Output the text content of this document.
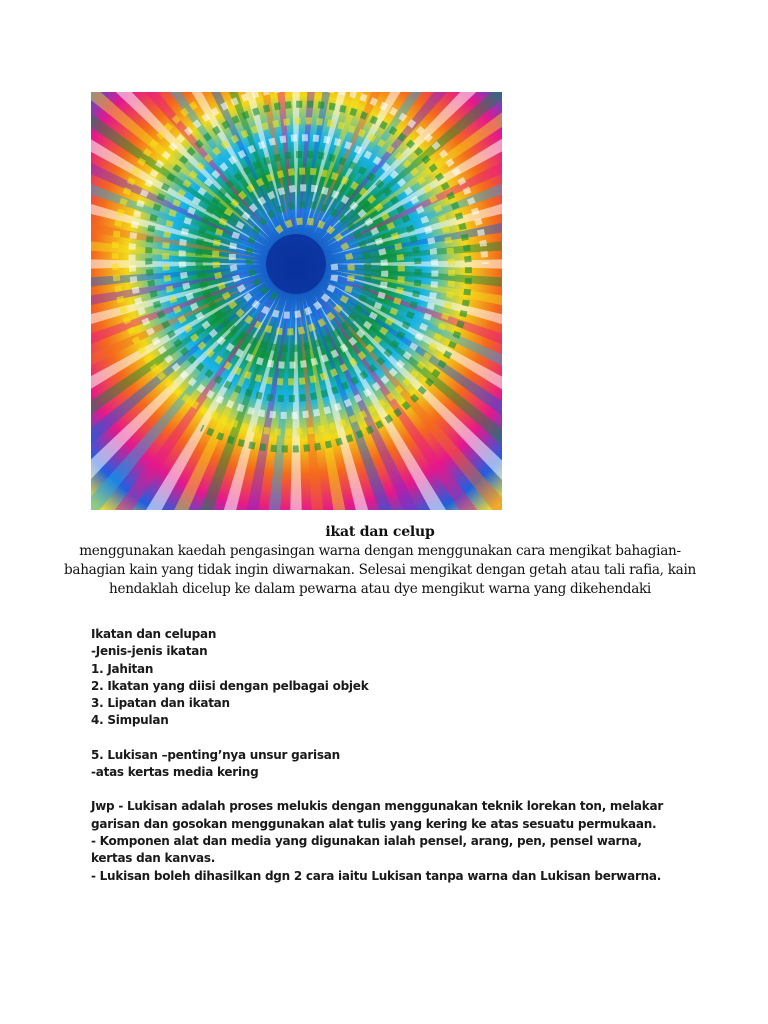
ikat dan celup

menggunakan kaedah pengasingan warna dengan menggunakan cara mengikat bahagian-bahagian kain yang tidak ingin diwarnakan. Selesai mengikat dengan getah atau tali rafia, kain hendaklah dicelup ke dalam pewarna atau dye mengikut warna yang dikehendaki

Ikatan dan celupan

-Jenis-jenis ikatan

1. Jahitan

2. Ikatan yang diisi dengan pelbagai objek

3. Lipatan dan ikatan

4. Simpulan

5. Lukisan –penting’nya unsur garisan

-atas kertas media kering

Jwp - Lukisan adalah proses melukis dengan menggunakan teknik lorekan ton, melakar garisan dan gosokan menggunakan alat tulis yang kering ke atas sesuatu permukaan.

- Komponen alat dan media yang digunakan ialah pensel, arang, pen, pensel warna, kertas dan kanvas.

- Lukisan boleh dihasilkan dgn 2 cara iaitu Lukisan tanpa warna dan Lukisan berwarna.
